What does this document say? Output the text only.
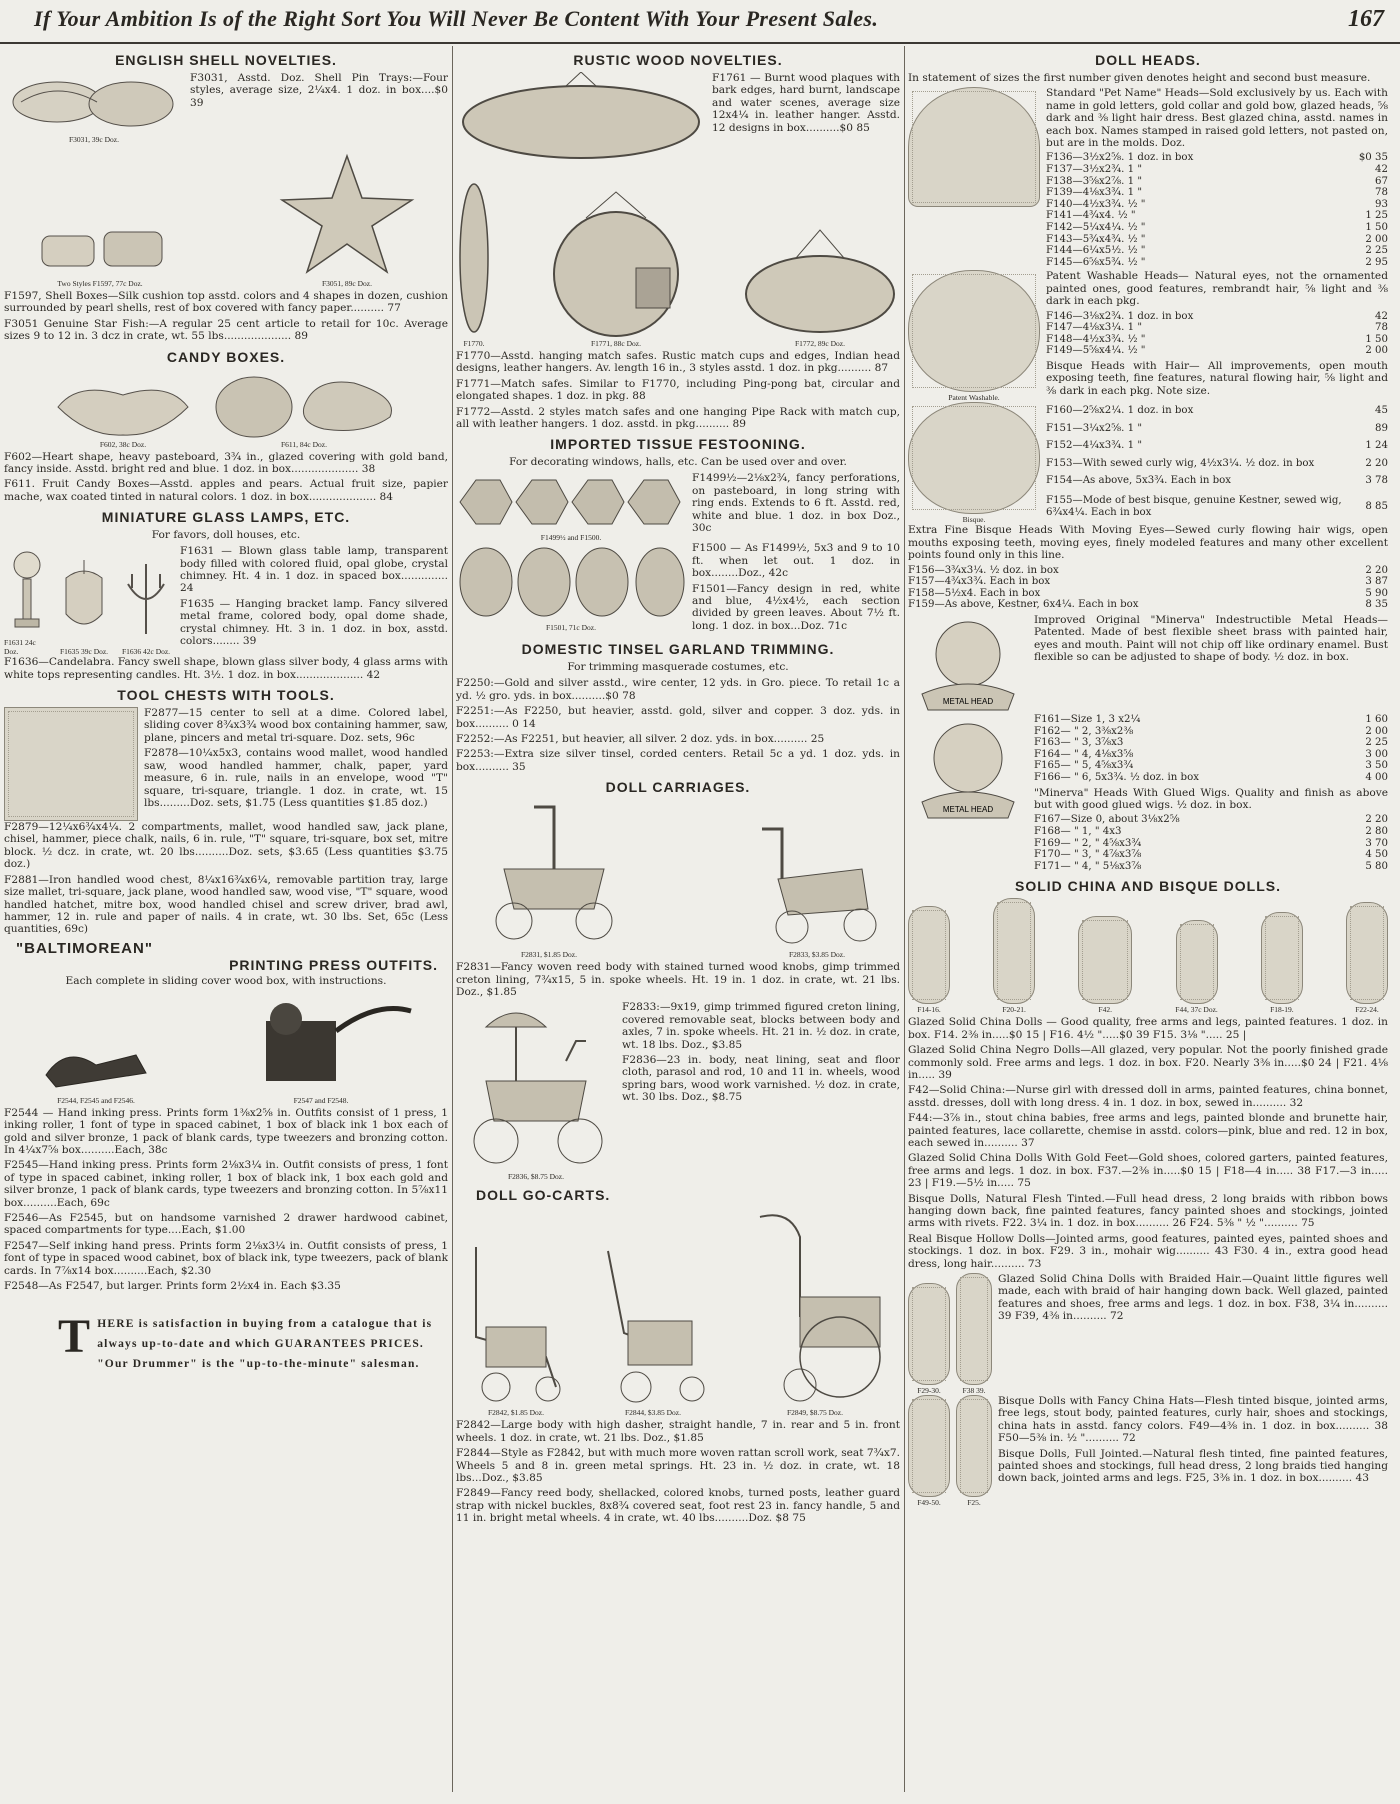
If Your Ambition Is of the Right Sort You Will Never Be Content With Your Present Sales.	167
ENGLISH SHELL NOVELTIES.
F3031, 39c Doz.

F3031, Asstd. Doz. Shell Pin Trays:—Four styles, average size, 2¼x4. 1 doz. in box....$0 39

Two Styles F1597, 77c Doz.	F3051, 89c Doz.

F1597, Shell Boxes—Silk cushion top asstd. colors and 4 shapes in dozen, cushion surrounded by pearl shells, rest of box covered with fancy paper.......... 77

F3051 Genuine Star Fish:—A regular 25 cent article to retail for 10c. Average sizes 9 to 12 in. 3 dcz in crate, wt. 55 lbs.................... 89

CANDY BOXES.
F602, 38c Doz.	F611, 84c Doz.

F602—Heart shape, heavy pasteboard, 3¾ in., glazed covering with gold band, fancy inside. Asstd. bright red and blue. 1 doz. in box.................... 38

F611. Fruit Candy Boxes—Asstd. apples and pears. Actual fruit size, papier mache, wax coated tinted in natural colors. 1 doz. in box.................... 84

MINIATURE GLASS LAMPS, ETC.
For favors, doll houses, etc.
F1631 24c Doz.	F1635 39c Doz. F1636 42c Doz.

F1631 — Blown glass table lamp, transparent body filled with colored fluid, opal globe, crystal chimney. Ht. 4 in. 1 doz. in spaced box.............. 24

F1635 — Hanging bracket lamp. Fancy silvered metal frame, colored body, opal dome shade, crystal chimney. Ht. 3 in. 1 doz. in box, asstd. colors........ 39

F1636—Candelabra. Fancy swell shape, blown glass silver body, 4 glass arms with white tops representing candles. Ht. 3½. 1 doz. in box.................... 42

TOOL CHESTS WITH TOOLS.

F2877—15 center to sell at a dime. Colored label, sliding cover 8¾x3¾ wood box containing hammer, saw, plane, pincers and metal tri-square. Doz. sets, 96c

F2878—10¼x5x3, contains wood mallet, wood handled saw, wood handled hammer, chalk, paper, yard measure, 6 in. rule, nails in an envelope, wood "T" square, tri-square, triangle. 1 doz. in crate, wt. 15 lbs.........Doz. sets, $1.75 (Less quantities $1.85 doz.)

F2879—12¼x6¾x4¼. 2 compartments, mallet, wood handled saw, jack plane, chisel, hammer, piece chalk, nails, 6 in. rule, "T" square, tri-square, box set, mitre block. ½ dcz. in crate, wt. 20 lbs..........Doz. sets, $3.65 (Less quantities $3.75 doz.)

F2881—Iron handled wood chest, 8¼x16¾x6¼, removable partition tray, large size mallet, tri-square, jack plane, wood handled saw, wood vise, "T" square, wood handled hatchet, mitre box, wood handled chisel and screw driver, brad awl, hammer, 12 in. rule and paper of nails. 4 in crate, wt. 30 lbs. Set, 65c (Less quantities, 69c)

"BALTIMOREAN"
PRINTING PRESS OUTFITS.
Each complete in sliding cover wood box, with instructions.
F2544, F2545 and F2546.	F2547 and F2548.

F2544 — Hand inking press. Prints form 1⅜x2⅝ in. Outfits consist of 1 press, 1 inking roller, 1 font of type in spaced cabinet, 1 box of black ink 1 box each of gold and silver bronze, 1 pack of blank cards, type tweezers and bronzing cotton. In 4¼x7⅝ box..........Each, 38c

F2545—Hand inking press. Prints form 2⅛x3¼ in. Outfit consists of press, 1 font of type in spaced cabinet, inking roller, 1 box of black ink, 1 box each gold and silver bronze, 1 pack of blank cards, type tweezers and bronzing cotton. In 5⅞x11 box..........Each, 69c

F2546—As F2545, but on handsome varnished 2 drawer hardwood cabinet, spaced compartments for type....Each, $1.00

F2547—Self inking hand press. Prints form 2⅛x3¼ in. Outfit consists of press, 1 font of type in spaced wood cabinet, box of black ink, type tweezers, pack of blank cards. In 7⅞x14 box..........Each, $2.30

F2548—As F2547, but larger. Prints form 2½x4 in. Each $3.35

T HERE is satisfaction in buying from a catalogue that is always up-to-date and which GUARANTEES PRICES. "Our Drummer" is the "up-to-the-minute" salesman.
RUSTIC WOOD NOVELTIES.

F1761 — Burnt wood plaques with bark edges, hard burnt, landscape and water scenes, average size 12x4¼ in. leather hanger. Asstd. 12 designs in box..........$0 85

F1770.	F1771, 88c Doz.	F1772, 89c Doz.

F1770—Asstd. hanging match safes. Rustic match cups and edges, Indian head designs, leather hangers. Av. length 16 in., 3 styles asstd. 1 doz. in pkg.......... 87

F1771—Match safes. Similar to F1770, including Ping-pong bat, circular and elongated shapes. 1 doz. in pkg. 88

F1772—Asstd. 2 styles match safes and one hanging Pipe Rack with match cup, all with leather hangers. 1 doz. asstd. in pkg.......... 89

IMPORTED TISSUE FESTOONING.
For decorating windows, halls, etc. Can be used over and over.
F1499½ and F1500.

F1499½—2⅛x2¾, fancy perforations, on pasteboard, in long string with ring ends. Extends to 6 ft. Asstd. red, white and blue. 1 doz. in box Doz., 30c

F1501, 71c Doz.

F1500 — As F1499½, 5x3 and 9 to 10 ft. when let out. 1 doz. in box........Doz., 42c

F1501—Fancy design in red, white and blue, 4½x4½, each section divided by green leaves. About 7½ ft. long. 1 doz. in box...Doz. 71c

DOMESTIC TINSEL GARLAND TRIMMING.
For trimming masquerade costumes, etc.

F2250:—Gold and silver asstd., wire center, 12 yds. in Gro. piece. To retail 1c a yd. ½ gro. yds. in box..........$0 78

F2251:—As F2250, but heavier, asstd. gold, silver and copper. 3 doz. yds. in box.......... 0 14

F2252:—As F2251, but heavier, all silver. 2 doz. yds. in box.......... 25

F2253:—Extra size silver tinsel, corded centers. Retail 5c a yd. 1 doz. yds. in box.......... 35

DOLL CARRIAGES.
F2831, $1.85 Doz.	F2833, $3.85 Doz.

F2831—Fancy woven reed body with stained turned wood knobs, gimp trimmed creton lining, 7¾x15, 5 in. spoke wheels. Ht. 19 in. 1 doz. in crate, wt. 21 lbs. Doz., $1.85

F2836, $8.75 Doz.

F2833:—9x19, gimp trimmed figured creton lining, covered removable seat, blocks between body and axles, 7 in. spoke wheels. Ht. 21 in. ½ doz. in crate, wt. 18 lbs. Doz., $3.85

F2836—23 in. body, neat lining, seat and floor cloth, parasol and rod, 10 and 11 in. wheels, wood spring bars, wood work varnished. ½ doz. in crate, wt. 30 lbs. Doz., $8.75

DOLL GO-CARTS.
F2842, $1.85 Doz.	F2844, $3.85 Doz.	F2849, $8.75 Doz.

F2842—Large body with high dasher, straight handle, 7 in. rear and 5 in. front wheels. 1 doz. in crate, wt. 21 lbs. Doz., $1.85

F2844—Style as F2842, but with much more woven rattan scroll work, seat 7¾x7. Wheels 5 and 8 in. green metal springs. Ht. 23 in. ½ doz. in crate, wt. 18 lbs...Doz., $3.85

F2849—Fancy reed body, shellacked, colored knobs, turned posts, leather guard strap with nickel buckles, 8x8¾ covered seat, foot rest 23 in. fancy handle, 5 and 11 in. bright metal wheels. 4 in crate, wt. 40 lbs..........Doz. $8 75

DOLL HEADS.

In statement of sizes the first number given denotes height and second bust measure.

Standard "Pet Name" Heads—Sold exclusively by us. Each with name in gold letters, gold collar and gold bow, glazed heads, ⅝ dark and ⅜ light hair dress. Best glazed china, asstd. names in each box. Names stamped in raised gold letters, not pasted on, but are in the molds. Doz.

F136—3½x2⅝. 1 doz. in box	$0 35
F137—3½x2¾. 1 "	42
F138—3⅝x2⅞. 1 "	67
F139—4⅛x3¾. 1 "	78
F140—4½x3¾. ½ "	93
F141—4¾x4. ½ "	1 25
F142—5¼x4¼. ½ "	1 50
F143—5¾x4¾. ½ "	2 00
F144—6¼x5½. ½ "	2 25
F145—6⅝x5¾. ½ "	2 95
Patent Washable.

Patent Washable Heads— Natural eyes, not the ornamented painted ones, good features, rembrandt hair, ⅝ light and ⅜ dark in each pkg.

F146—3⅛x2¾. 1 doz. in box	42
F147—4⅛x3¼. 1 "	78
F148—4½x3¾. ½ "	1 50
F149—5⅝x4¼. ½ "	2 00

Bisque Heads with Hair— All improvements, open mouth exposing teeth, fine features, natural flowing hair, ⅝ light and ⅜ dark in each pkg. Note size.

Bisque.
F160—2⅝x2¼. 1 doz. in box	45
F151—3¼x2⅝. 1 "	89
F152—4¼x3¾. 1 "	1 24
F153—With sewed curly wig, 4½x3¼. ½ doz. in box	2 20
F154—As above, 5x3¾. Each in box	3 78
F155—Mode of best bisque, genuine Kestner, sewed wig, 6¾x4¼. Each in box	8 85

Extra Fine Bisque Heads With Moving Eyes—Sewed curly flowing hair wigs, open mouths exposing teeth, moving eyes, finely modeled features and many other excellent points found only in this line.

F156—3¾x3¼. ½ doz. in box	2 20
F157—4¾x3¾. Each in box	3 87
F158—5½x4. Each in box	5 90
F159—As above, Kestner, 6x4¼. Each in box	8 35
METAL HEAD

Improved Original "Minerva" Indestructible Metal Heads—Patented. Made of best flexible sheet brass with painted hair, eyes and mouth. Paint will not chip off like ordinary enamel. Bust flexible so can be adjusted to shape of body. ½ doz. in box.

METAL HEAD
F161—Size 1, 3 x2¼	1 60
F162— " 2, 3⅜x2⅜	2 00
F163— " 3, 3⅞x3	2 25
F164— " 4, 4⅛x3⅝	3 00
F165— " 5, 4⅝x3¾	3 50
F166— " 6, 5x3¾. ½ doz. in box	4 00

"Minerva" Heads With Glued Wigs. Quality and finish as above but with good glued wigs. ½ doz. in box.

F167—Size 0, about 3⅛x2⅝	2 20
F168— " 1, " 4x3	2 80
F169— " 2, " 4⅝x3¾	3 70
F170— " 3, " 4⅞x3⅞	4 50
F171— " 4, " 5⅛x3⅞	5 80
SOLID CHINA AND BISQUE DOLLS.
F14-16.	F20-21.	F42.	F44, 37c Doz.	F18-19.	F22-24.

Glazed Solid China Dolls — Good quality, free arms and legs, painted features. 1 doz. in box. F14. 2⅜ in.....$0 15 | F16. 4½ ".....$0 39 F15. 3⅛ "..... 25 |

Glazed Solid China Negro Dolls—All glazed, very popular. Not the poorly finished grade commonly sold. Free arms and legs. 1 doz. in box. F20. Nearly 3⅜ in.....$0 24 | F21. 4⅛ in..... 39

F42—Solid China:—Nurse girl with dressed doll in arms, painted features, china bonnet, asstd. dresses, doll with long dress. 4 in. 1 doz. in box, sewed in.......... 32

F44:—3⅞ in., stout china babies, free arms and legs, painted blonde and brunette hair, painted features, lace collarette, chemise in asstd. colors—pink, blue and red. 12 in box, each sewed in.......... 37

Glazed Solid China Dolls With Gold Feet—Gold shoes, colored garters, painted features, free arms and legs. 1 doz. in box. F37.—2⅜ in.....$0 15 | F18—4 in..... 38 F17.—3 in..... 23 | F19.—5½ in..... 75

Bisque Dolls, Natural Flesh Tinted.—Full head dress, 2 long braids with ribbon bows hanging down back, fine painted features, fancy painted shoes and stockings, jointed arms with rivets. F22. 3¼ in. 1 doz. in box.......... 26 F24. 5⅜ " ½ ".......... 75

Real Bisque Hollow Dolls—Jointed arms, good features, painted eyes, painted shoes and stockings. 1 doz. in box. F29. 3 in., mohair wig.......... 43 F30. 4 in., extra good head dress, long hair.......... 73

F29-30.	F38 39.

Glazed Solid China Dolls with Braided Hair.—Quaint little figures well made, each with braid of hair hanging down back. Well glazed, painted features and shoes, free arms and legs. 1 doz. in box. F38, 3¼ in.......... 39 F39, 4⅜ in.......... 72

F49-50.	F25.

Bisque Dolls with Fancy China Hats—Flesh tinted bisque, jointed arms, free legs, stout body, painted features, curly hair, shoes and stockings, china hats in asstd. fancy colors. F49—4⅜ in. 1 doz. in box.......... 38 F50—5⅜ in. ½ ".......... 72

Bisque Dolls, Full Jointed.—Natural flesh tinted, fine painted features, painted shoes and stockings, full head dress, 2 long braids tied hanging down back, jointed arms and legs. F25, 3⅜ in. 1 doz. in box.......... 43
